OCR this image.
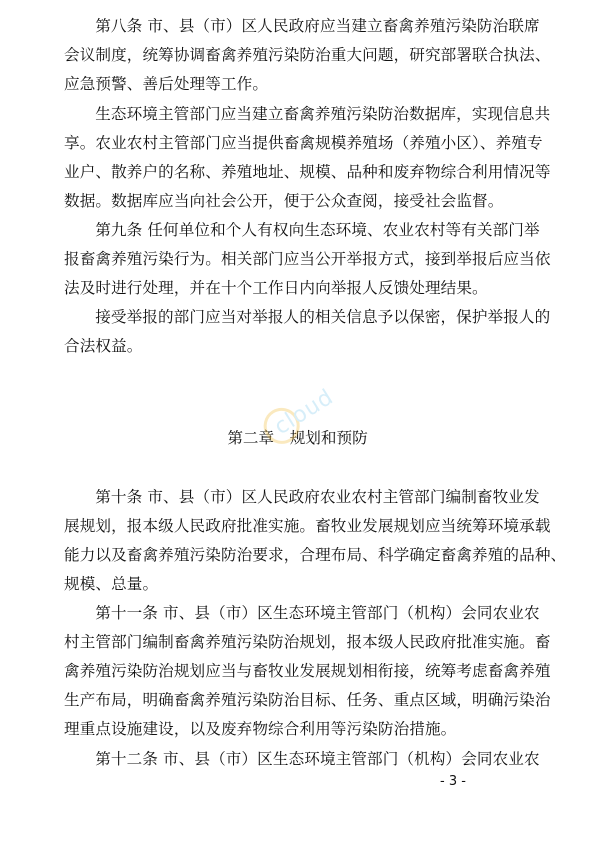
第八条 市、县（市）区人民政府应当建立畜禽养殖污染防治联席
会议制度，统筹协调畜禽养殖污染防治重大问题，研究部署联合执法、
应急预警、善后处理等工作。

生态环境主管部门应当建立畜禽养殖污染防治数据库，实现信息共
享。农业农村主管部门应当提供畜禽规模养殖场（养殖小区）、养殖专
业户、散养户的名称、养殖地址、规模、品种和废弃物综合利用情况等
数据。数据库应当向社会公开，便于公众查阅，接受社会监督。

第九条 任何单位和个人有权向生态环境、农业农村等有关部门举
报畜禽养殖污染行为。相关部门应当公开举报方式，接到举报后应当依
法及时进行处理，并在十个工作日内向举报人反馈处理结果。

接受举报的部门应当对举报人的相关信息予以保密，保护举报人的
合法权益。

第二章　规划和预防

第十条 市、县（市）区人民政府农业农村主管部门编制畜牧业发
展规划，报本级人民政府批准实施。畜牧业发展规划应当统筹环境承载
能力以及畜禽养殖污染防治要求，合理布局、科学确定畜禽养殖的品种、
规模、总量。

第十一条 市、县（市）区生态环境主管部门（机构）会同农业农
村主管部门编制畜禽养殖污染防治规划，报本级人民政府批准实施。畜
禽养殖污染防治规划应当与畜牧业发展规划相衔接，统筹考虑畜禽养殖
生产布局，明确畜禽养殖污染防治目标、任务、重点区域，明确污染治
理重点设施建设，以及废弃物综合利用等污染防治措施。

第十二条 市、县（市）区生态环境主管部门（机构）会同农业农

- 3 -
cloud
